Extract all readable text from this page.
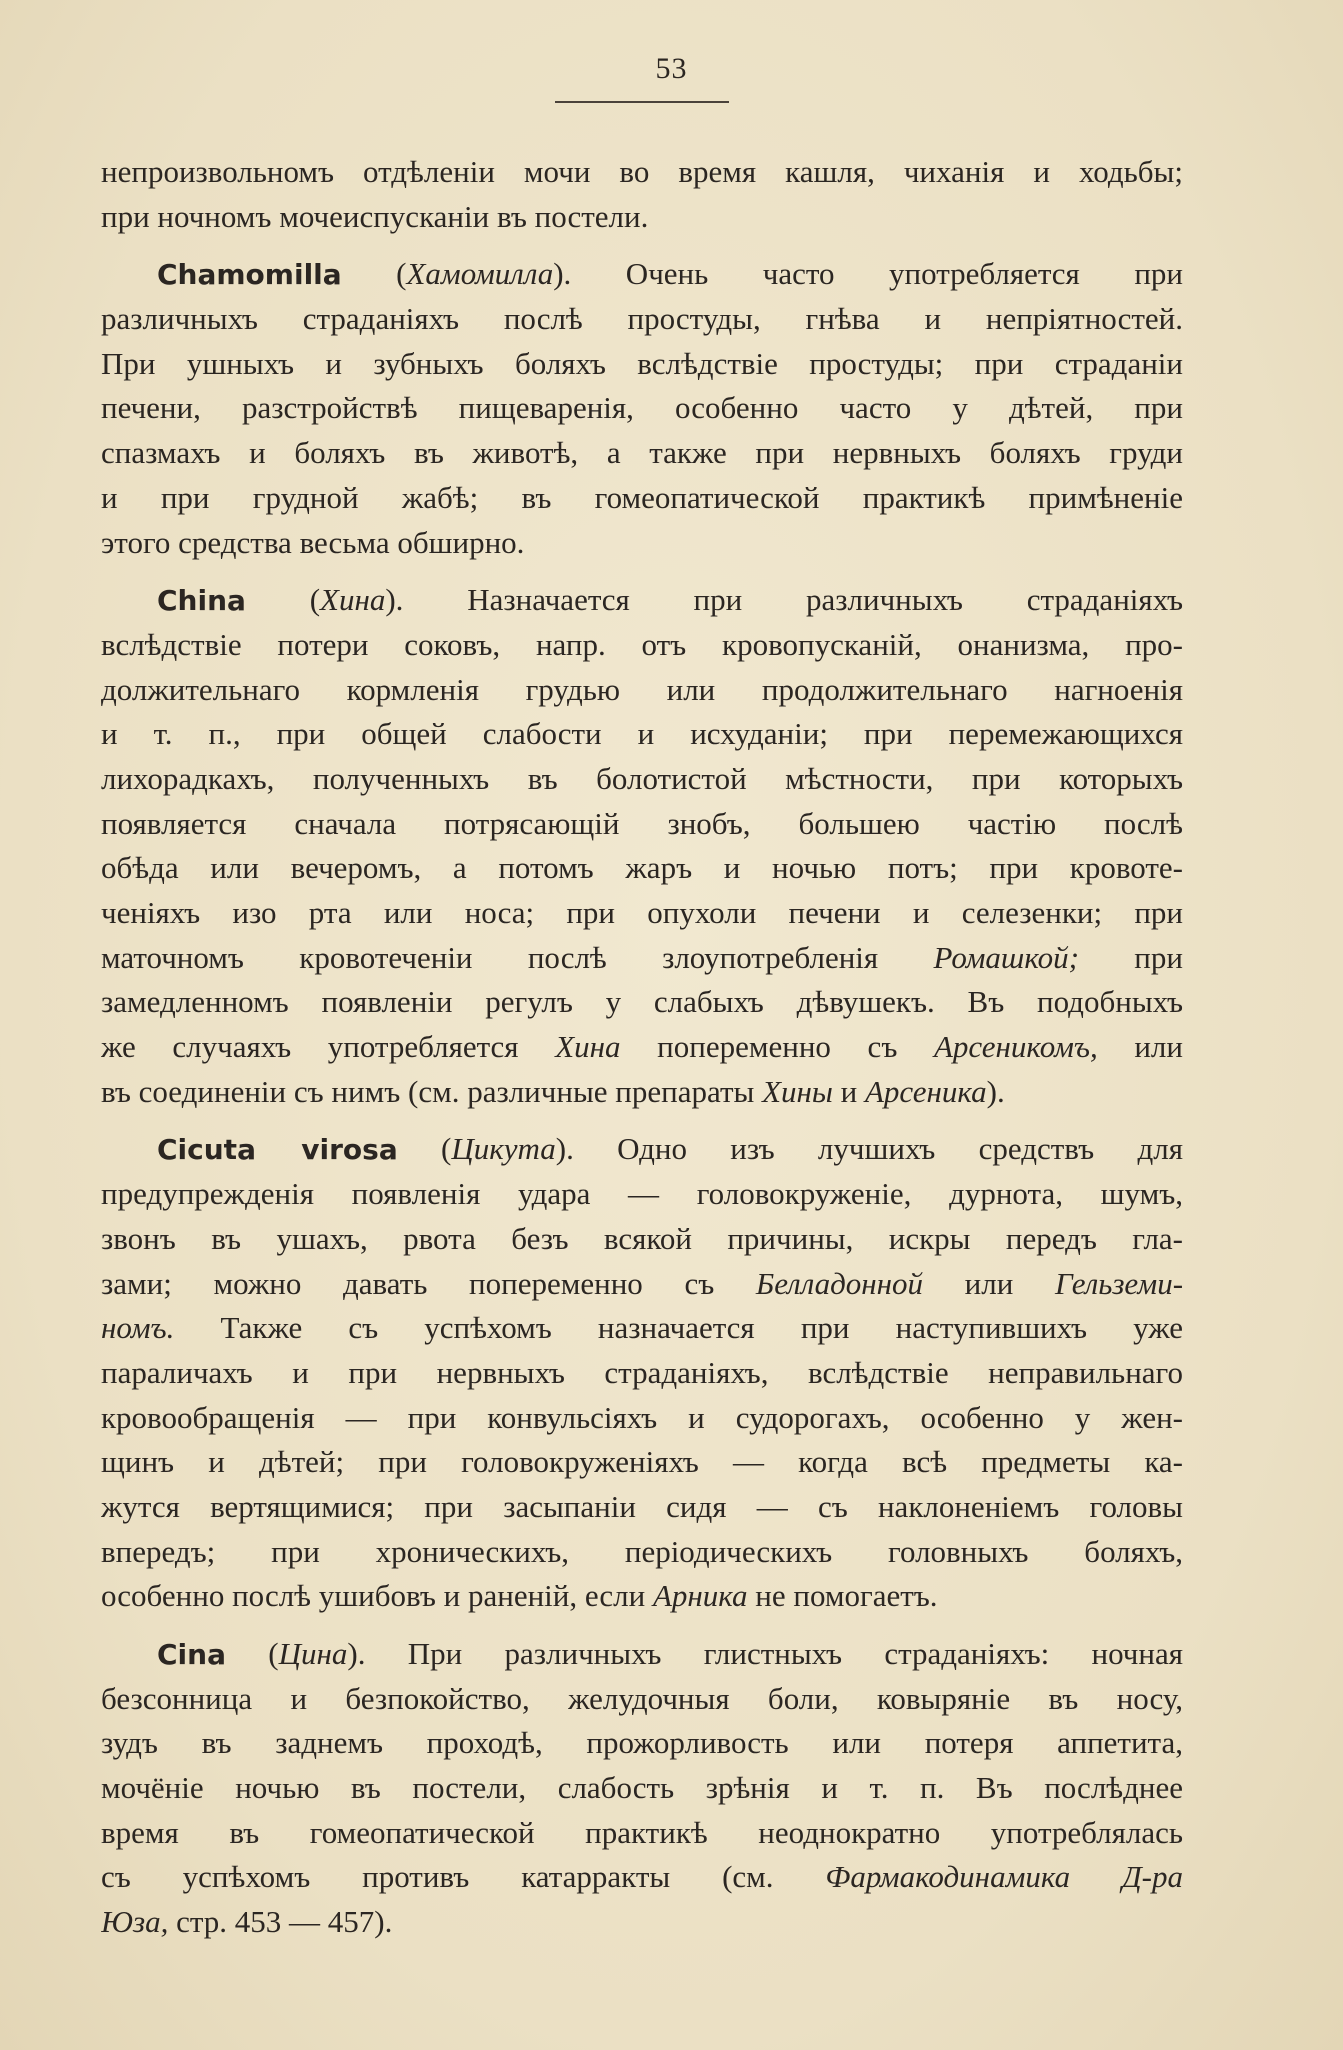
53
непроизвольномъ отдѣленіи мочи во время кашля, чиханія и ходьбы;
при ночномъ мочеиспусканіи въ постели.
Chamomilla (Хамомилла). Очень часто употребляется при
различныхъ страданіяхъ послѣ простуды, гнѣва и непріятностей.
При ушныхъ и зубныхъ боляхъ вслѣдствіе простуды; при страданіи
печени, разстройствѣ пищеваренія, особенно часто у дѣтей, при
спазмахъ и боляхъ въ животѣ, а также при нервныхъ боляхъ груди
и при грудной жабѣ; въ гомеопатической практикѣ примѣненіе
этого средства весьма обширно.
China (Хина). Назначается при различныхъ страданіяхъ
вслѣдствіе потери соковъ, напр. отъ кровопусканій, онанизма, про-
должительнаго кормленія грудью или продолжительнаго нагноенія
и т. п., при общей слабости и исхуданіи; при перемежающихся
лихорадкахъ, полученныхъ въ болотистой мѣстности, при которыхъ
появляется сначала потрясающій знобъ, большею частію послѣ
обѣда или вечеромъ, а потомъ жаръ и ночью потъ; при кровоте-
ченіяхъ изо рта или носа; при опухоли печени и селезенки; при
маточномъ кровотеченіи послѣ злоупотребленія Ромашкой; при
замедленномъ появленіи регулъ у слабыхъ дѣвушекъ. Въ подобныхъ
же случаяхъ употребляется Хина попеременно съ Арсеникомъ, или
въ соединеніи съ нимъ (см. различные препараты Хины и Арсеника).
Cicuta virosa (Цикута). Одно изъ лучшихъ средствъ для
предупрежденія появленія удара — головокруженіе, дурнота, шумъ,
звонъ въ ушахъ, рвота безъ всякой причины, искры передъ гла-
зами; можно давать попеременно съ Белладонной или Гельземи-
номъ. Также съ успѣхомъ назначается при наступившихъ уже
параличахъ и при нервныхъ страданіяхъ, вслѣдствіе неправильнаго
кровообращенія — при конвульсіяхъ и судорогахъ, особенно у жен-
щинъ и дѣтей; при головокруженіяхъ — когда всѣ предметы ка-
жутся вертящимися; при засыпаніи сидя — съ наклоненіемъ головы
впередъ; при хроническихъ, періодическихъ головныхъ боляхъ,
особенно послѣ ушибовъ и раненій, если Арника не помогаетъ.
Cina (Цина). При различныхъ глистныхъ страданіяхъ: ночная
безсонница и безпокойство, желудочныя боли, ковыряніе въ носу,
зудъ въ заднемъ проходѣ, прожорливость или потеря аппетита,
мочёніе ночью въ постели, слабость зрѣнія и т. п. Въ послѣднее
время въ гомеопатической практикѣ неоднократно употреблялась
съ успѣхомъ противъ катарракты (см. Фармакодинамика Д-ра
Юза, стр. 453 — 457).
